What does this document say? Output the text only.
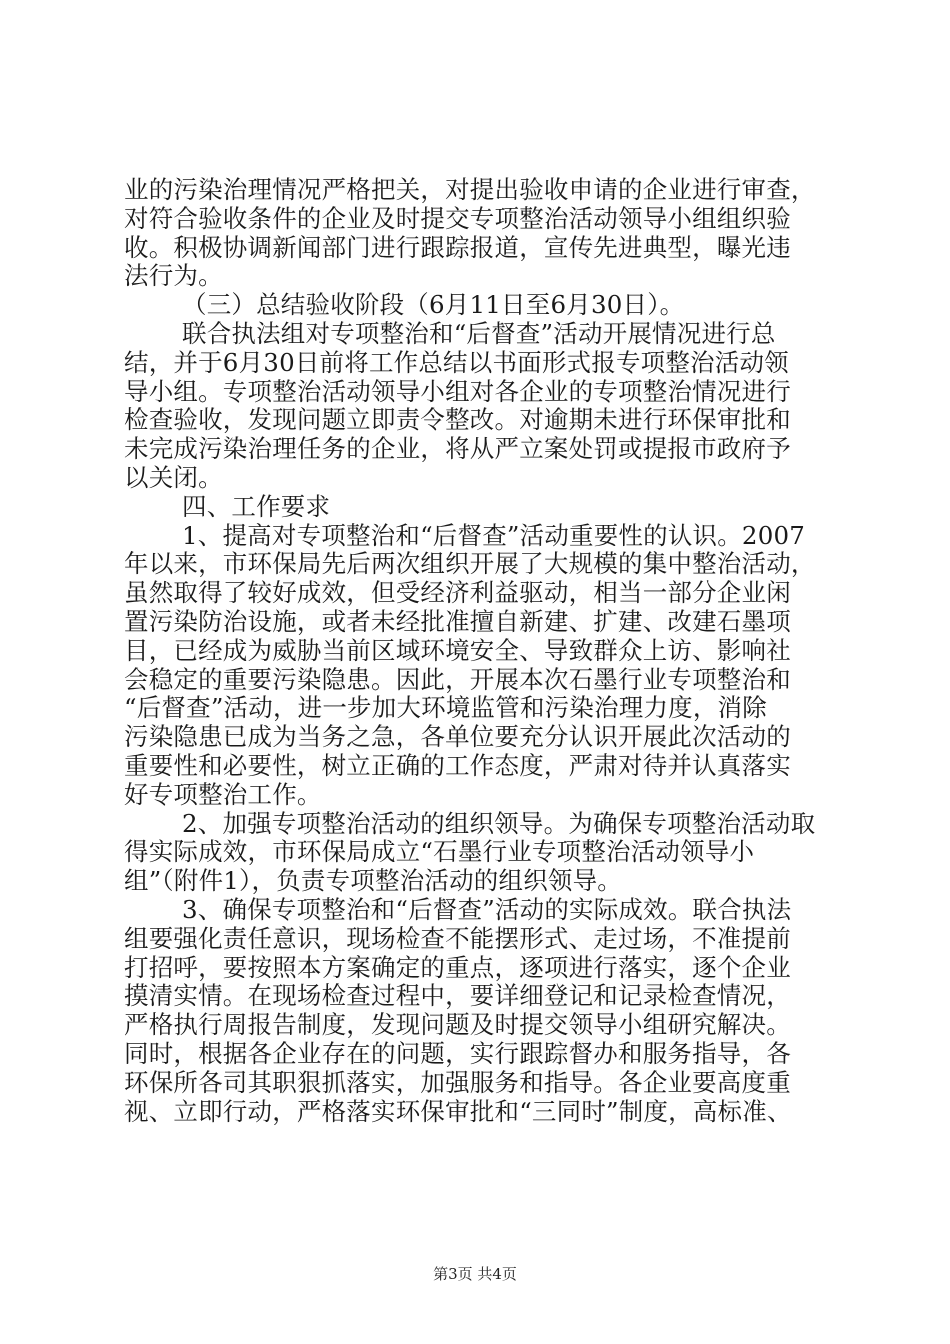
业的污染治理情况严格把关，对提出验收申请的企业进行审查，
对符合验收条件的企业及时提交专项整治活动领导小组组织验
收。积极协调新闻部门进行跟踪报道，宣传先进典型，曝光违
法行为。
（三）总结验收阶段（6月11日至6月30日）。
联合执法组对专项整治和“后督查”活动开展情况进行总
结，并于6月30日前将工作总结以书面形式报专项整治活动领
导小组。专项整治活动领导小组对各企业的专项整治情况进行
检查验收，发现问题立即责令整改。对逾期未进行环保审批和
未完成污染治理任务的企业，将从严立案处罚或提报市政府予
以关闭。
四、工作要求
1、提高对专项整治和“后督查”活动重要性的认识。2007
年以来，市环保局先后两次组织开展了大规模的集中整治活动，
虽然取得了较好成效，但受经济利益驱动，相当一部分企业闲
置污染防治设施，或者未经批准擅自新建、扩建、改建石墨项
目，已经成为威胁当前区域环境安全、导致群众上访、影响社
会稳定的重要污染隐患。因此，开展本次石墨行业专项整治和
“后督查”活动，进一步加大环境监管和污染治理力度，消除
污染隐患已成为当务之急，各单位要充分认识开展此次活动的
重要性和必要性，树立正确的工作态度，严肃对待并认真落实
好专项整治工作。
2、加强专项整治活动的组织领导。为确保专项整治活动取
得实际成效，市环保局成立“石墨行业专项整治活动领导小
组”（附件1），负责专项整治活动的组织领导。
3、确保专项整治和“后督查”活动的实际成效。联合执法
组要强化责任意识，现场检查不能摆形式、走过场，不准提前
打招呼，要按照本方案确定的重点，逐项进行落实，逐个企业
摸清实情。在现场检查过程中，要详细登记和记录检查情况，
严格执行周报告制度，发现问题及时提交领导小组研究解决。
同时，根据各企业存在的问题，实行跟踪督办和服务指导，各
环保所各司其职狠抓落实，加强服务和指导。各企业要高度重
视、立即行动，严格落实环保审批和“三同时”制度，高标准、
第3页 共4页
